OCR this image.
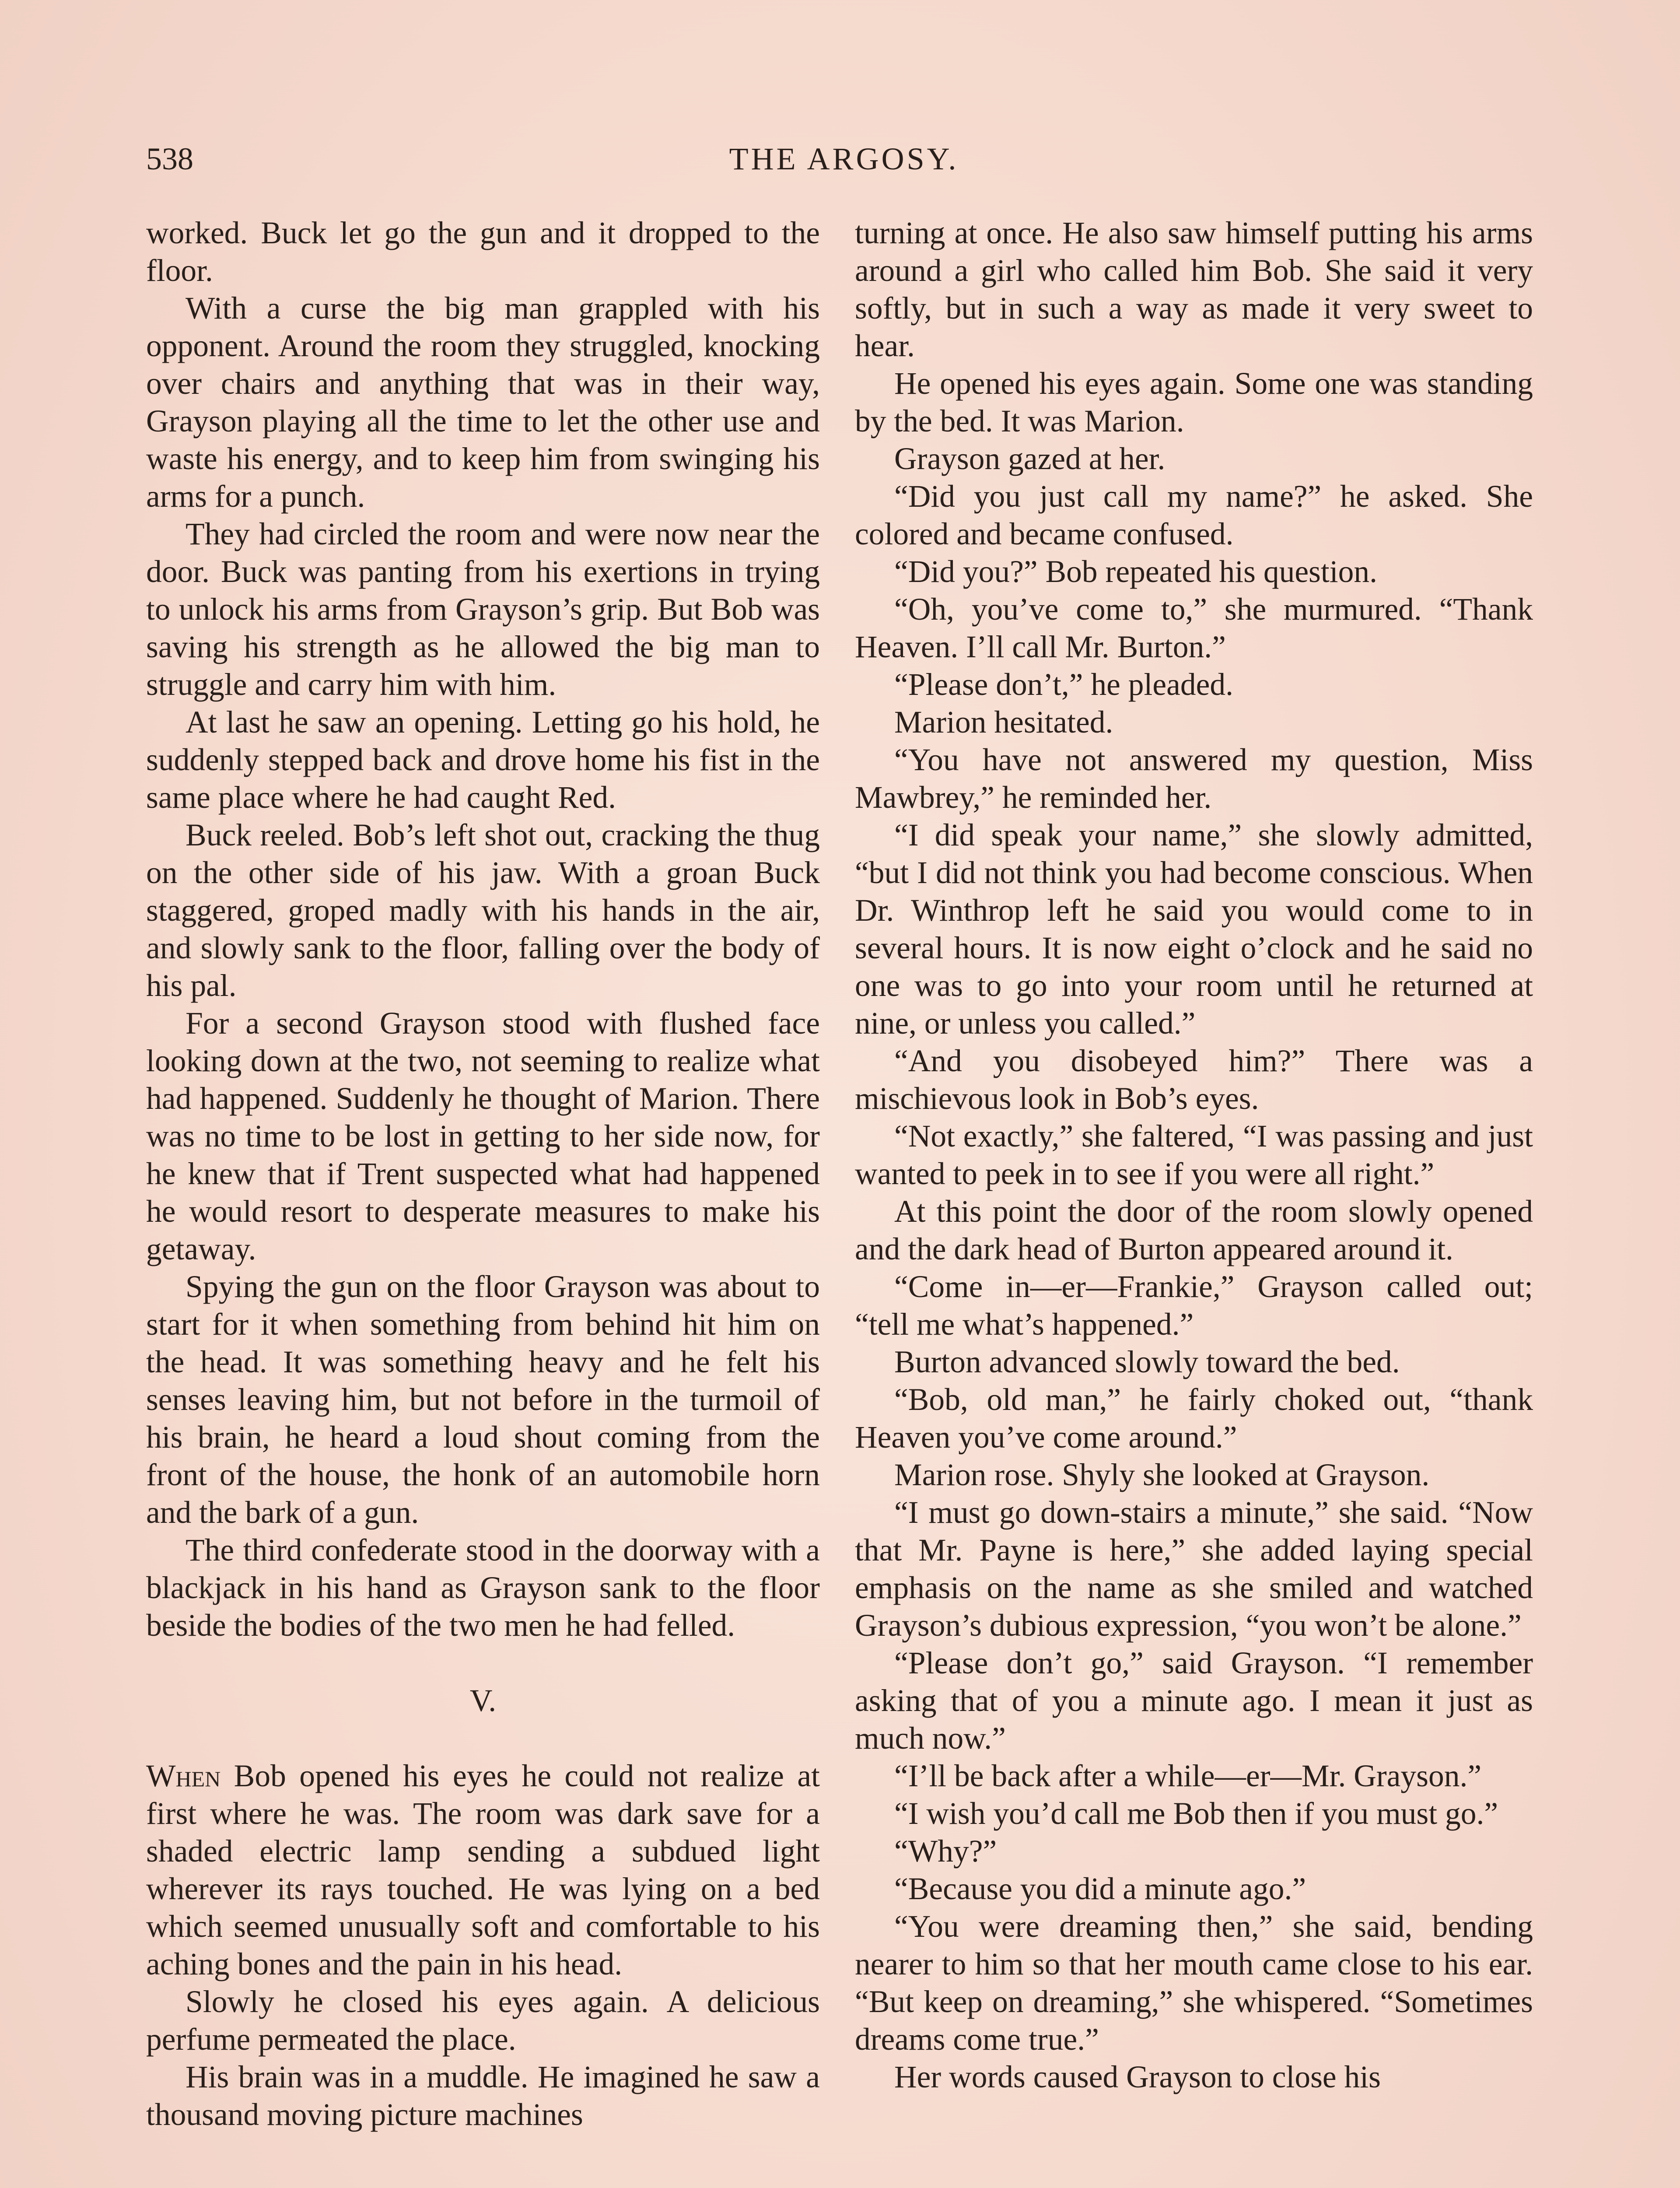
538	THE ARGOSY.

worked. Buck let go the gun and it dropped to the floor.

With a curse the big man grappled with his opponent. Around the room they struggled, knocking over chairs and anything that was in their way, Grayson playing all the time to let the other use and waste his energy, and to keep him from swinging his arms for a punch.

They had circled the room and were now near the door. Buck was panting from his exertions in trying to unlock his arms from Grayson’s grip. But Bob was saving his strength as he allowed the big man to struggle and carry him with him.

At last he saw an opening. Letting go his hold, he suddenly stepped back and drove home his fist in the same place where he had caught Red.

Buck reeled. Bob’s left shot out, cracking the thug on the other side of his jaw. With a groan Buck staggered, groped madly with his hands in the air, and slowly sank to the floor, falling over the body of his pal.

For a second Grayson stood with flushed face looking down at the two, not seeming to realize what had happened. Suddenly he thought of Marion. There was no time to be lost in getting to her side now, for he knew that if Trent suspected what had happened he would resort to desperate measures to make his getaway.

Spying the gun on the floor Grayson was about to start for it when something from behind hit him on the head. It was something heavy and he felt his senses leaving him, but not before in the turmoil of his brain, he heard a loud shout coming from the front of the house, the honk of an automobile horn and the bark of a gun.

The third confederate stood in the doorway with a blackjack in his hand as Grayson sank to the floor beside the bodies of the two men he had felled.

V.

When Bob opened his eyes he could not realize at first where he was. The room was dark save for a shaded electric lamp sending a subdued light wherever its rays touched. He was lying on a bed which seemed unusually soft and comfortable to his aching bones and the pain in his head.

Slowly he closed his eyes again. A delicious perfume permeated the place.

His brain was in a muddle. He imagined he saw a thousand moving picture machines

turning at once. He also saw himself putting his arms around a girl who called him Bob. She said it very softly, but in such a way as made it very sweet to hear.

He opened his eyes again. Some one was standing by the bed. It was Marion.

Grayson gazed at her.

“Did you just call my name?” he asked. She colored and became confused.

“Did you?” Bob repeated his question.

“Oh, you’ve come to,” she murmured. “Thank Heaven. I’ll call Mr. Burton.”

“Please don’t,” he pleaded.

Marion hesitated.

“You have not answered my question, Miss Mawbrey,” he reminded her.

“I did speak your name,” she slowly admitted, “but I did not think you had become conscious. When Dr. Winthrop left he said you would come to in several hours. It is now eight o’clock and he said no one was to go into your room until he returned at nine, or unless you called.”

“And you disobeyed him?” There was a mischievous look in Bob’s eyes.

“Not exactly,” she faltered, “I was passing and just wanted to peek in to see if you were all right.”

At this point the door of the room slowly opened and the dark head of Burton appeared around it.

“Come in—er—Frankie,” Grayson called out; “tell me what’s happened.”

Burton advanced slowly toward the bed.

“Bob, old man,” he fairly choked out, “thank Heaven you’ve come around.”

Marion rose. Shyly she looked at Grayson.

“I must go down-stairs a minute,” she said. “Now that Mr. Payne is here,” she added laying special emphasis on the name as she smiled and watched Grayson’s dubious expression, “you won’t be alone.”

“Please don’t go,” said Grayson. “I remember asking that of you a minute ago. I mean it just as much now.”

“I’ll be back after a while—er—Mr. Grayson.”

“I wish you’d call me Bob then if you must go.”

“Why?”

“Because you did a minute ago.”

“You were dreaming then,” she said, bending nearer to him so that her mouth came close to his ear. “But keep on dreaming,” she whispered. “Sometimes dreams come true.”

Her words caused Grayson to close his
